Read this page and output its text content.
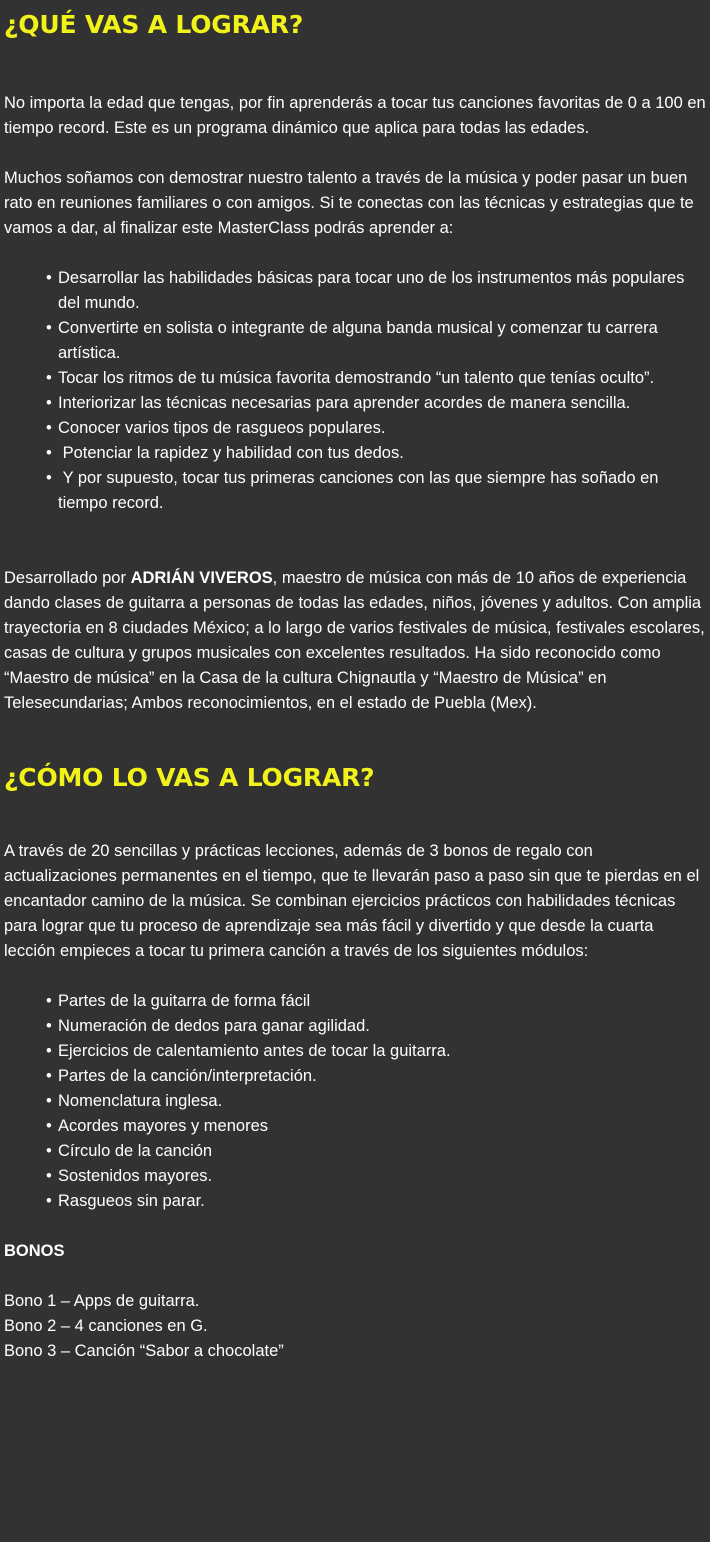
¿QUÉ VAS A LOGRAR?

No importa la edad que tengas, por fin aprenderás a tocar tus canciones favoritas de 0 a 100 en tiempo record. Este es un programa dinámico que aplica para todas las edades.

Muchos soñamos con demostrar nuestro talento a través de la música y poder pasar un buen rato en reuniones familiares o con amigos. Si te conectas con las técnicas y estrategias que te vamos a dar, al finalizar este MasterClass podrás aprender a:

• Desarrollar las habilidades básicas para tocar uno de los instrumentos más populares del mundo.
• Convertirte en solista o integrante de alguna banda musical y comenzar tu carrera artística.
• Tocar los ritmos de tu música favorita demostrando “un talento que tenías oculto”.
• Interiorizar las técnicas necesarias para aprender acordes de manera sencilla.
• Conocer varios tipos de rasgueos populares.
•  Potenciar la rapidez y habilidad con tus dedos.
•  Y por supuesto, tocar tus primeras canciones con las que siempre has soñado en tiempo record.

Desarrollado por ADRIÁN VIVEROS, maestro de música con más de 10 años de experiencia dando clases de guitarra a personas de todas las edades, niños, jóvenes y adultos. Con amplia trayectoria en 8 ciudades México; a lo largo de varios festivales de música, festivales escolares, casas de cultura y grupos musicales con excelentes resultados. Ha sido reconocido como “Maestro de música” en la Casa de la cultura Chignautla y “Maestro de Música” en Telesecundarias; Ambos reconocimientos, en el estado de Puebla (Mex).

¿CÓMO LO VAS A LOGRAR?

A través de 20 sencillas y prácticas lecciones, además de 3 bonos de regalo con actualizaciones permanentes en el tiempo, que te llevarán paso a paso sin que te pierdas en el encantador camino de la música. Se combinan ejercicios prácticos con habilidades técnicas para lograr que tu proceso de aprendizaje sea más fácil y divertido y que desde la cuarta lección empieces a tocar tu primera canción a través de los siguientes módulos:

• Partes de la guitarra de forma fácil
• Numeración de dedos para ganar agilidad.
• Ejercicios de calentamiento antes de tocar la guitarra.
• Partes de la canción/interpretación.
• Nomenclatura inglesa.
• Acordes mayores y menores
• Círculo de la canción
• Sostenidos mayores.
• Rasgueos sin parar.

BONOS

Bono 1 – Apps de guitarra.

Bono 2 – 4 canciones en G.

Bono 3 – Canción “Sabor a chocolate”
